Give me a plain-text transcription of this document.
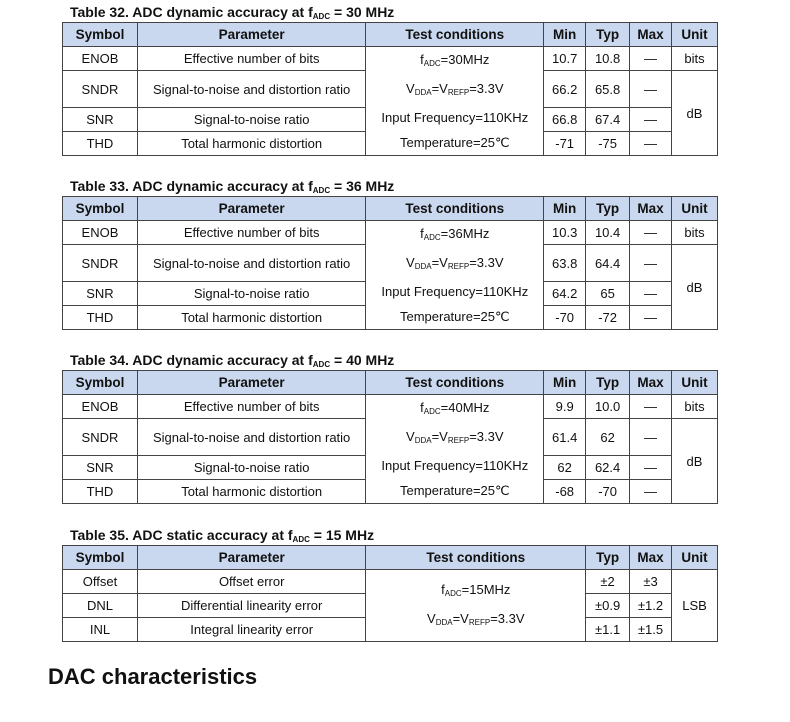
Table 32. ADC dynamic accuracy at $f_{ADC} = 30$ MHz
Symbol	Parameter	Test conditions	Min	Typ	Max	Unit
ENOB	Effective number of bits	$f_{ADC}=30MHz$
$V_{DDA}=V_{REFP}=3.3V$
Input Frequency=110KHz
Temperature=25℃	10.7	10.8	—	bits
SNDR	Signal-to-noise and distortion ratio		66.2	65.8	—	dB
SNR	Signal-to-noise ratio		66.8	67.4	—	
THD	Total harmonic distortion		-71	-75	—	
Table 33. ADC dynamic accuracy at $f_{ADC} = 36$ MHz
Symbol	Parameter	Test conditions	Min	Typ	Max	Unit
ENOB	Effective number of bits	$f_{ADC}=36MHz$
$V_{DDA}=V_{REFP}=3.3V$
Input Frequency=110KHz
Temperature=25℃	10.3	10.4	—	bits
SNDR	Signal-to-noise and distortion ratio		63.8	64.4	—	dB
SNR	Signal-to-noise ratio		64.2	65	—	
THD	Total harmonic distortion		-70	-72	—	
Table 34. ADC dynamic accuracy at $f_{ADC} = 40$ MHz
Symbol	Parameter	Test conditions	Min	Typ	Max	Unit
ENOB	Effective number of bits	$f_{ADC}=40MHz$
$V_{DDA}=V_{REFP}=3.3V$
Input Frequency=110KHz
Temperature=25℃	9.9	10.0	—	bits
SNDR	Signal-to-noise and distortion ratio		61.4	62	—	dB
SNR	Signal-to-noise ratio		62	62.4	—	
THD	Total harmonic distortion		-68	-70	—	
Table 35. ADC static accuracy at $f_{ADC} = 15$ MHz
Symbol	Parameter	Test conditions	Typ	Max	Unit
Offset	Offset error	$f_{ADC}=15MHz$
$V_{DDA}=V_{REFP}=3.3V$	±2	±3	LSB
DNL	Differential linearity error		±0.9	±1.2	
INL	Integral linearity error		±1.1	±1.5	
DAC characteristics
